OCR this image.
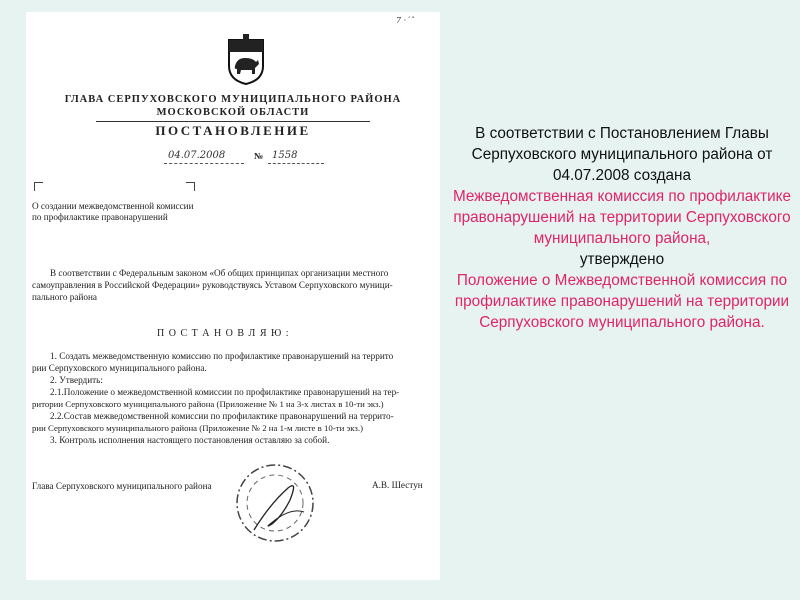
7 ·´ˆ
ГЛАВА СЕРПУХОВСКОГО МУНИЦИПАЛЬНОГО РАЙОНА
МОСКОВСКОЙ ОБЛАСТИ
ПОСТАНОВЛЕНИЕ
04.07.2008	№ 1558
О создании межведомственной комиссии
по профилактике правонарушений
В соответствии с Федеральным законом «Об общих принципах организации местного
самоуправления в Российской Федерации» руководствуясь Уставом Серпуховского муници-
пального района
П О С Т А Н О В Л Я Ю :
1. Создать межведомственную комиссию по профилактике правонарушений на террито
рии Серпуховского муниципального района.
2. Утвердить:
2.1.Положение о межведомственной комиссии по профилактике правонарушений на тер-
ритории Серпуховского муниципального района (Приложение № 1 на 3-х листах в 10-ти экз.)
2.2.Состав межведомственной комиссии по профилактике правонарушений на террито-
рии Серпуховского муниципального района (Приложение № 2 на 1-м листе в 10-ти экз.)
3. Контроль исполнения настоящего постановления оставляю за собой.
Глава Серпуховского муниципального района	А.В. Шестун
В соответствии с Постановлением Главы Серпуховского муниципального района от 04.07.2008 создана
Межведомственная комиссия по профилактике правонарушений на территории Серпуховского муниципального района,
утверждено
Положение о Межведомственной комиссия по профилактике правонарушений на территории Серпуховского муниципального района.
